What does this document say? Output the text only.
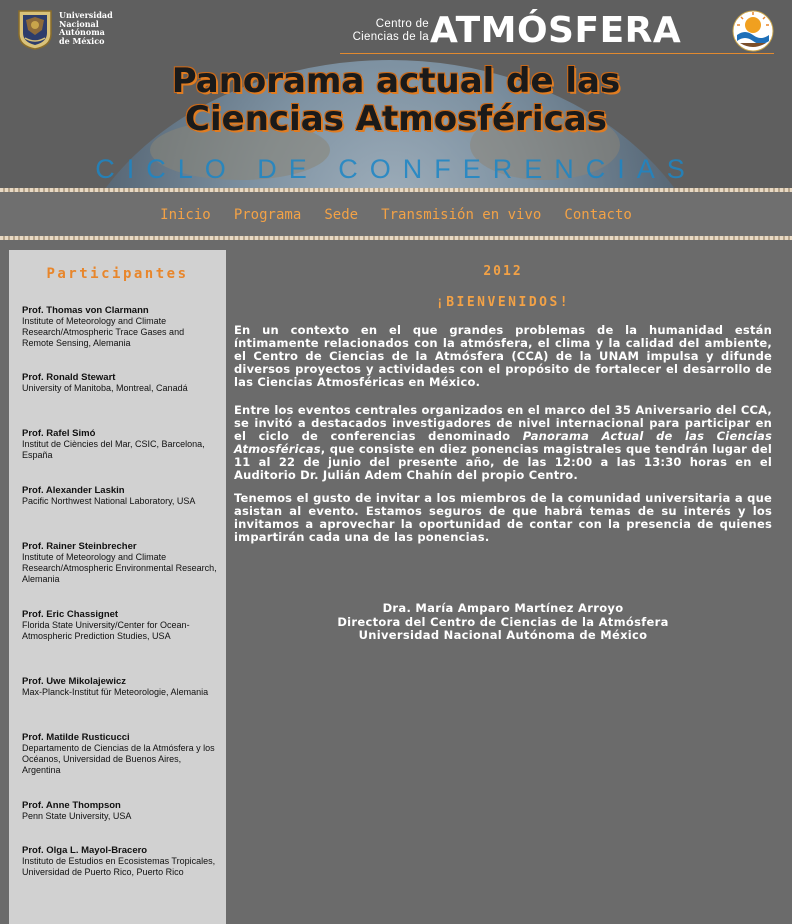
Universidad
Nacional
Autónoma
de México
Centro de
Ciencias de la ATMÓSFERA
Panorama actual de las
Ciencias Atmosféricas
CICLO DE CONFERENCIAS
Inicio Programa Sede Transmisión en vivo Contacto
Participantes
Prof. Thomas von Clarmann
Institute of Meteorology and Climate Research/Atmospheric Trace Gases and Remote Sensing, Alemania
Prof. Ronald Stewart
University of Manitoba, Montreal, Canadá
Prof. Rafel Simó
Institut de Ciències del Mar, CSIC, Barcelona, España
Prof. Alexander Laskin
Pacific Northwest National Laboratory, USA
Prof. Rainer Steinbrecher
Institute of Meteorology and Climate Research/Atmospheric Environmental Research, Alemania
Prof. Eric Chassignet
Florida State University/Center for Ocean-Atmospheric Prediction Studies, USA
Prof. Uwe Mikolajewicz
Max-Planck-Institut für Meteorologie, Alemania
Prof. Matilde Rusticucci
Departamento de Ciencias de la Atmósfera y los Océanos, Universidad de Buenos Aires, Argentina
Prof. Anne Thompson
Penn State University, USA
Prof. Olga L. Mayol-Bracero
Instituto de Estudios en Ecosistemas Tropicales, Universidad de Puerto Rico, Puerto Rico
2012
¡BIENVENIDOS!

En un contexto en el que grandes problemas de la humanidad están íntimamente relacionados con la atmósfera, el clima y la calidad del ambiente, el Centro de Ciencias de la Atmósfera (CCA) de la UNAM impulsa y difunde diversos proyectos y actividades con el propósito de fortalecer el desarrollo de las Ciencias Atmosféricas en México.

Entre los eventos centrales organizados en el marco del 35 Aniversario del CCA, se invitó a destacados investigadores de nivel internacional para participar en el ciclo de conferencias denominado Panorama Actual de las Ciencias Atmosféricas, que consiste en diez ponencias magistrales que tendrán lugar del 11 al 22 de junio del presente año, de las 12:00 a las 13:30 horas en el Auditorio Dr. Julián Adem Chahín del propio Centro.

Tenemos el gusto de invitar a los miembros de la comunidad universitaria a que asistan al evento. Estamos seguros de que habrá temas de su interés y los invitamos a aprovechar la oportunidad de contar con la presencia de quienes impartirán cada una de las ponencias.

Dra. María Amparo Martínez Arroyo
Directora del Centro de Ciencias de la Atmósfera
Universidad Nacional Autónoma de México
